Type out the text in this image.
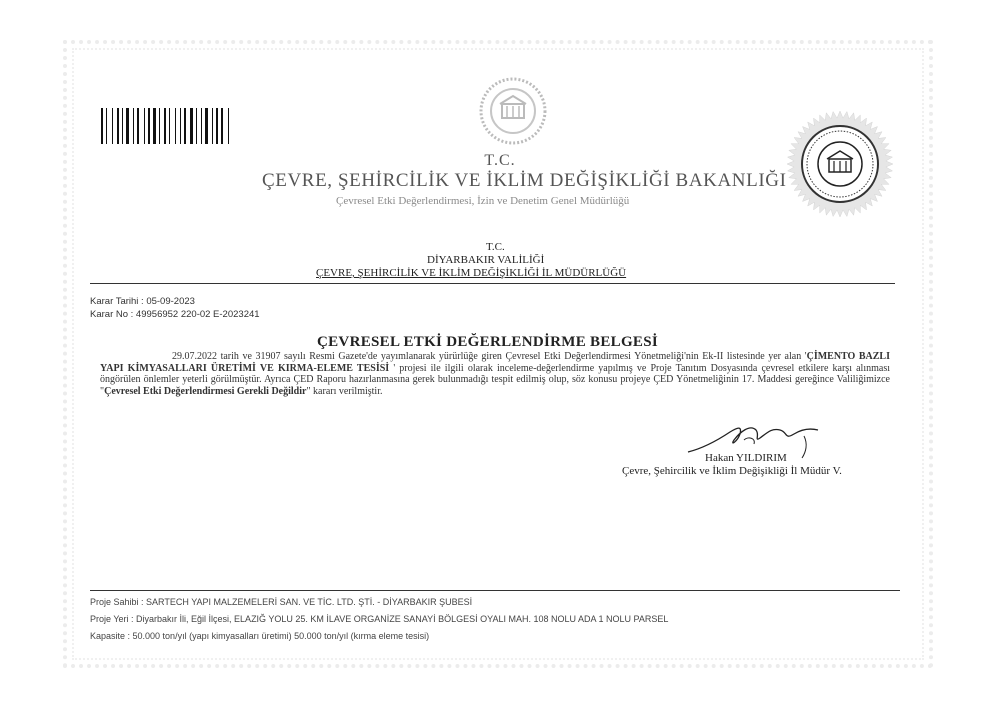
T.C.
ÇEVRE, ŞEHİRCİLİK VE İKLİM DEĞİŞİKLİĞİ BAKANLIĞI
Çevresel Etki Değerlendirmesi, İzin ve Denetim Genel Müdürlüğü
T.C.
DİYARBAKIR VALİLİĞİ
ÇEVRE, ŞEHİRCİLİK VE İKLİM DEĞİŞİKLİĞİ İL MÜDÜRLÜĞÜ
Karar Tarihi : 05-09-2023
Karar No : 49956952 220-02 E-2023241
ÇEVRESEL ETKİ DEĞERLENDİRME BELGESİ

29.07.2022 tarih ve 31907 sayılı Resmi Gazete'de yayımlanarak yürürlüğe giren Çevresel Etki Değerlendirmesi Yönetmeliği'nin Ek-II listesinde yer alan 'ÇİMENTO BAZLI YAPI KİMYASALLARI ÜRETİMİ VE KIRMA-ELEME TESİSİ ' projesi ile ilgili olarak inceleme-değerlendirme yapılmış ve Proje Tanıtım Dosyasında çevresel etkilere karşı alınması öngörülen önlemler yeterli görülmüştür. Ayrıca ÇED Raporu hazırlanmasına gerek bulunmadığı tespit edilmiş olup, söz konusu projeye ÇED Yönetmeliğinin 17. Maddesi gereğince Valiliğimizce "Çevresel Etki Değerlendirmesi Gerekli Değildir" kararı verilmiştir.

Hakan YILDIRIM
Çevre, Şehircilik ve İklim Değişikliği İl Müdür V.
Proje Sahibi : SARTECH YAPI MALZEMELERİ SAN. VE TİC. LTD. ŞTİ. - DİYARBAKIR ŞUBESİ
Proje Yeri : Diyarbakır İli, Eğil İlçesi, ELAZIĞ YOLU 25. KM İLAVE ORGANİZE SANAYİ BÖLGESİ OYALI MAH. 108 NOLU ADA 1 NOLU PARSEL
Kapasite : 50.000 ton/yıl (yapı kimyasalları üretimi) 50.000 ton/yıl (kırma eleme tesisi)
